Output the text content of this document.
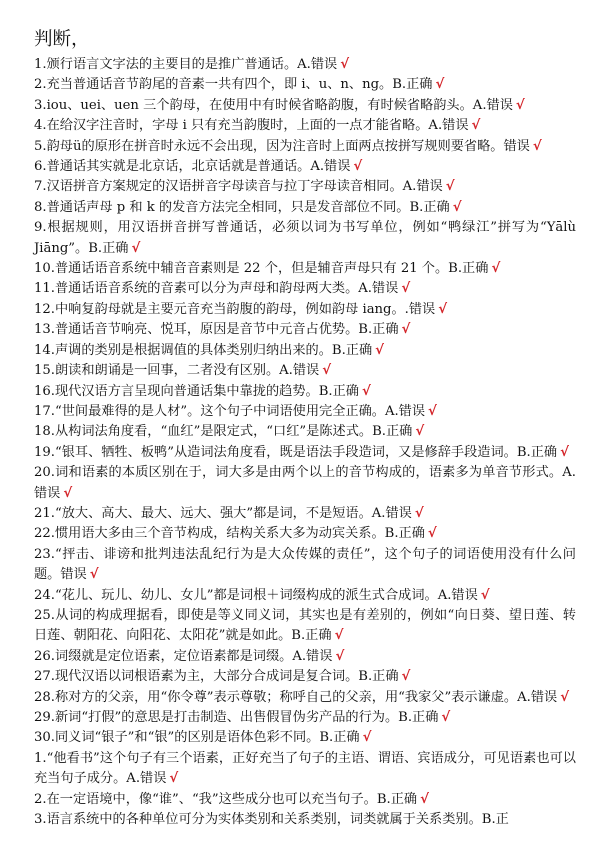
判断，

1.颁行语言文字法的主要目的是推广普通话。A.错误 √

2.充当普通话音节韵尾的音素一共有四个，即 i、u、n、ng。B.正确 √

3.iou、uei、uen 三个韵母，在使用中有时候省略韵腹，有时候省略韵头。A.错误 √

4.在给汉字注音时，字母 i 只有充当韵腹时，上面的一点才能省略。A.错误 √

5.韵母ü的原形在拼音时永远不会出现，因为注音时上面两点按拼写规则要省略。错误 √

6.普通话其实就是北京话，北京话就是普通话。A.错误 √

7.汉语拼音方案规定的汉语拼音字母读音与拉丁字母读音相同。A.错误 √

8.普通话声母 p 和 k 的发音方法完全相同，只是发音部位不同。B.正确 √

9.根据规则，用汉语拼音拼写普通话，必须以词为书写单位，例如“鸭绿江”拼写为“Yālù Jiāng”。B.正确 √

10.普通话语音系统中辅音音素则是 22 个，但是辅音声母只有 21 个。B.正确 √

11.普通话语音系统的音素可以分为声母和韵母两大类。A.错误 √

12.中响复韵母就是主要元音充当韵腹的韵母，例如韵母 iang。.错误 √

13.普通话音节响亮、悦耳，原因是音节中元音占优势。B.正确 √

14.声调的类别是根据调值的具体类别归纳出来的。B.正确 √

15.朗读和朗诵是一回事，二者没有区别。A.错误 √

16.现代汉语方言呈现向普通话集中靠拢的趋势。B.正确 √

17.“世间最难得的是人材”。这个句子中词语使用完全正确。A.错误 √

18.从构词法角度看，“血红”是限定式，“口红”是陈述式。B.正确 √

19.“银耳、牺牲、板鸭”从造词法角度看，既是语法手段造词，又是修辞手段造词。B.正确 √

20.词和语素的本质区别在于，词大多是由两个以上的音节构成的，语素多为单音节形式。A.错误 √

21.“放大、高大、最大、远大、强大”都是词，不是短语。A.错误 √

22.惯用语大多由三个音节构成，结构关系大多为动宾关系。B.正确 √

23.“抨击、诽谤和批判违法乱纪行为是大众传媒的责任”，这个句子的词语使用没有什么问题。错误 √

24.“花儿、玩儿、幼儿、女儿”都是词根＋词缀构成的派生式合成词。A.错误 √

25.从词的构成理据看，即使是等义同义词，其实也是有差别的，例如“向日葵、望日莲、转日莲、朝阳花、向阳花、太阳花”就是如此。B.正确 √

26.词缀就是定位语素，定位语素都是词缀。A.错误 √

27.现代汉语以词根语素为主，大部分合成词是复合词。B.正确 √

28.称对方的父亲，用“你令尊”表示尊敬；称呼自己的父亲，用“我家父”表示谦虚。A.错误 √

29.新词“打假”的意思是打击制造、出售假冒伪劣产品的行为。B.正确 √

30.同义词“银子”和“银”的区别是语体色彩不同。B.正确 √

1.“他看书”这个句子有三个语素，正好充当了句子的主语、谓语、宾语成分，可见语素也可以充当句子成分。A.错误 √

2.在一定语境中，像“谁”、“我”这些成分也可以充当句子。B.正确 √

3.语言系统中的各种单位可分为实体类别和关系类别，词类就属于关系类别。B.正
